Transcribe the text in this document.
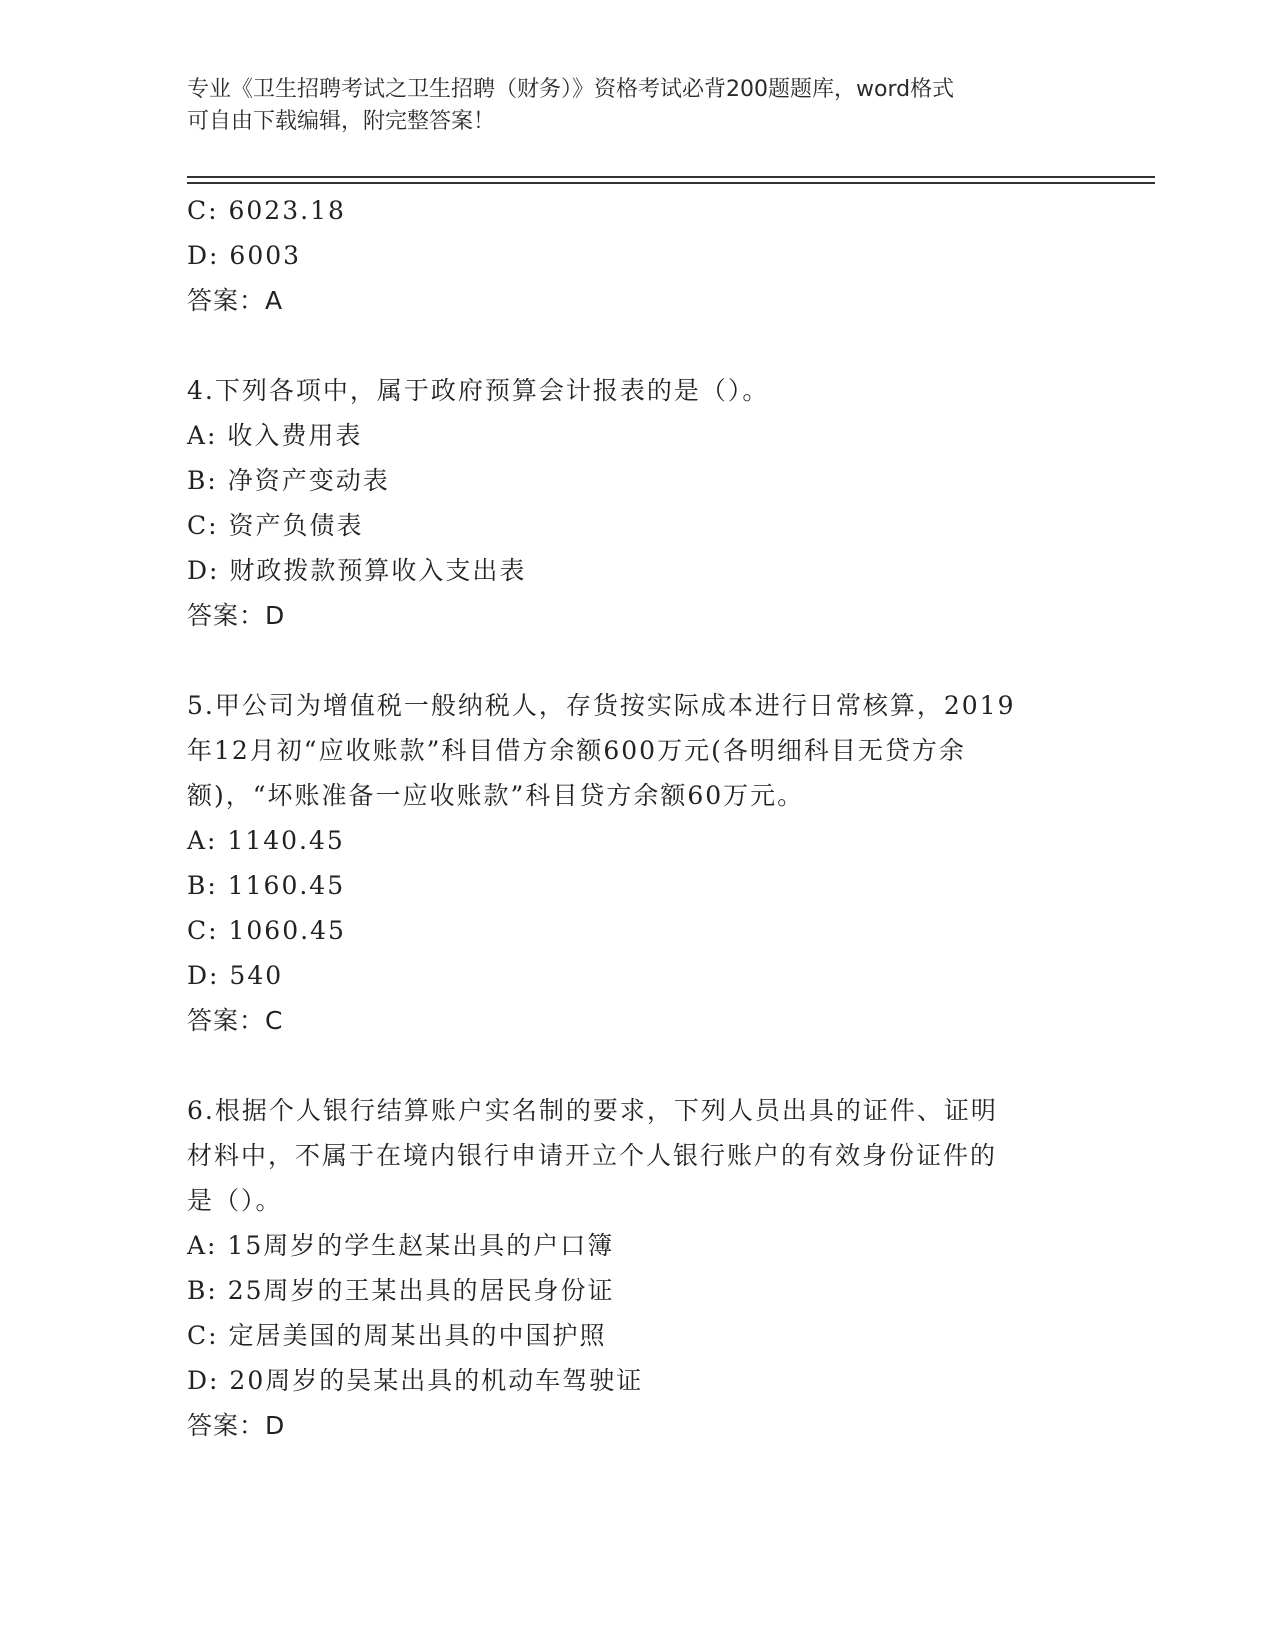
专业《卫生招聘考试之卫生招聘（财务）》资格考试必背200题题库，word格式
可自由下载编辑，附完整答案！
C: 6023.18
D: 6003
答案：A
4.下列各项中，属于政府预算会计报表的是（）。
A: 收入费用表
B: 净资产变动表
C: 资产负债表
D: 财政拨款预算收入支出表
答案：D
5.甲公司为增值税一般纳税人，存货按实际成本进行日常核算，2019
年12月初“应收账款”科目借方余额600万元(各明细科目无贷方余
额)，“坏账准备一应收账款”科目贷方余额60万元。
A: 1140.45
B: 1160.45
C: 1060.45
D: 540
答案：C
6.根据个人银行结算账户实名制的要求，下列人员出具的证件、证明
材料中，不属于在境内银行申请开立个人银行账户的有效身份证件的
是（）。
A: 15周岁的学生赵某出具的户口簿
B: 25周岁的王某出具的居民身份证
C: 定居美国的周某出具的中国护照
D: 20周岁的吴某出具的机动车驾驶证
答案：D
